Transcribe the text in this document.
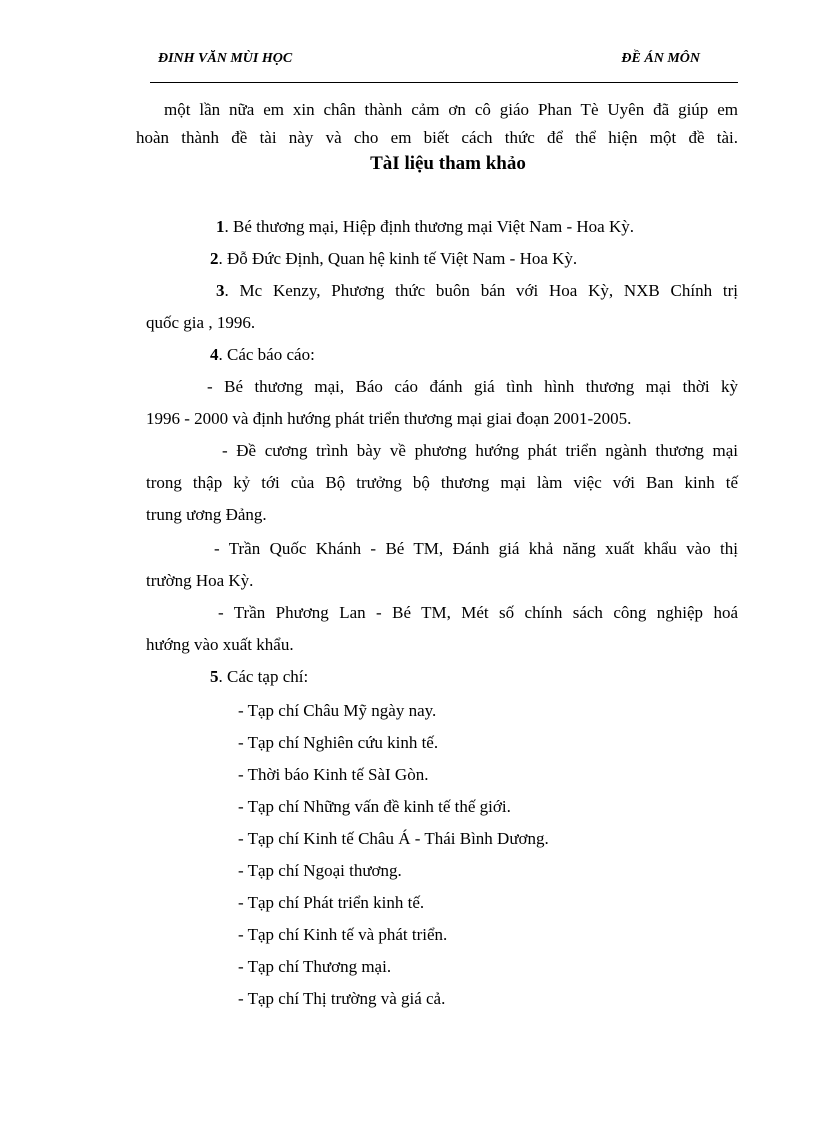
ĐINH VĂN MÙI HỌC	ĐỀ ÁN MÔN
một lần nữa em xin chân thành cảm ơn cô giáo Phan Tè Uyên đã giúp em
hoàn thành đề tài này và cho em biết cách thức để thể hiện một đề tài.
TàI liệu tham khảo
1. Bé thương mại, Hiệp định thương mại Việt Nam - Hoa Kỳ.
2. Đỗ Đức Định, Quan hệ kinh tế Việt Nam - Hoa Kỳ.
3. Mc Kenzy, Phương thức buôn bán với Hoa Kỳ, NXB Chính trị
quốc gia , 1996.
4. Các báo cáo:
- Bé thương mại, Báo cáo đánh giá tình hình thương mại thời kỳ
1996 - 2000 và định hướng phát triển thương mại giai đoạn 2001-2005.
- Đề cương trình bày về phương hướng phát triển ngành thương mại
trong thập kỷ tới của Bộ trưởng bộ thương mại làm việc với Ban kinh tế
trung ương Đảng.
- Trần Quốc Khánh - Bé TM, Đánh giá khả năng xuất khẩu vào thị
trường Hoa Kỳ.
- Trần Phương Lan - Bé TM, Mét số chính sách công nghiệp hoá
hướng vào xuất khẩu.
5. Các tạp chí:
- Tạp chí Châu Mỹ ngày nay.
- Tạp chí Nghiên cứu kinh tế.
- Thời báo Kinh tế SàI Gòn.
- Tạp chí Những vấn đề kinh tế thế giới.
- Tạp chí Kinh tế Châu Á - Thái Bình Dương.
- Tạp chí Ngoại thương.
- Tạp chí Phát triển kinh tế.
- Tạp chí Kinh tế và phát triển.
- Tạp chí Thương mại.
- Tạp chí Thị trường và giá cả.
